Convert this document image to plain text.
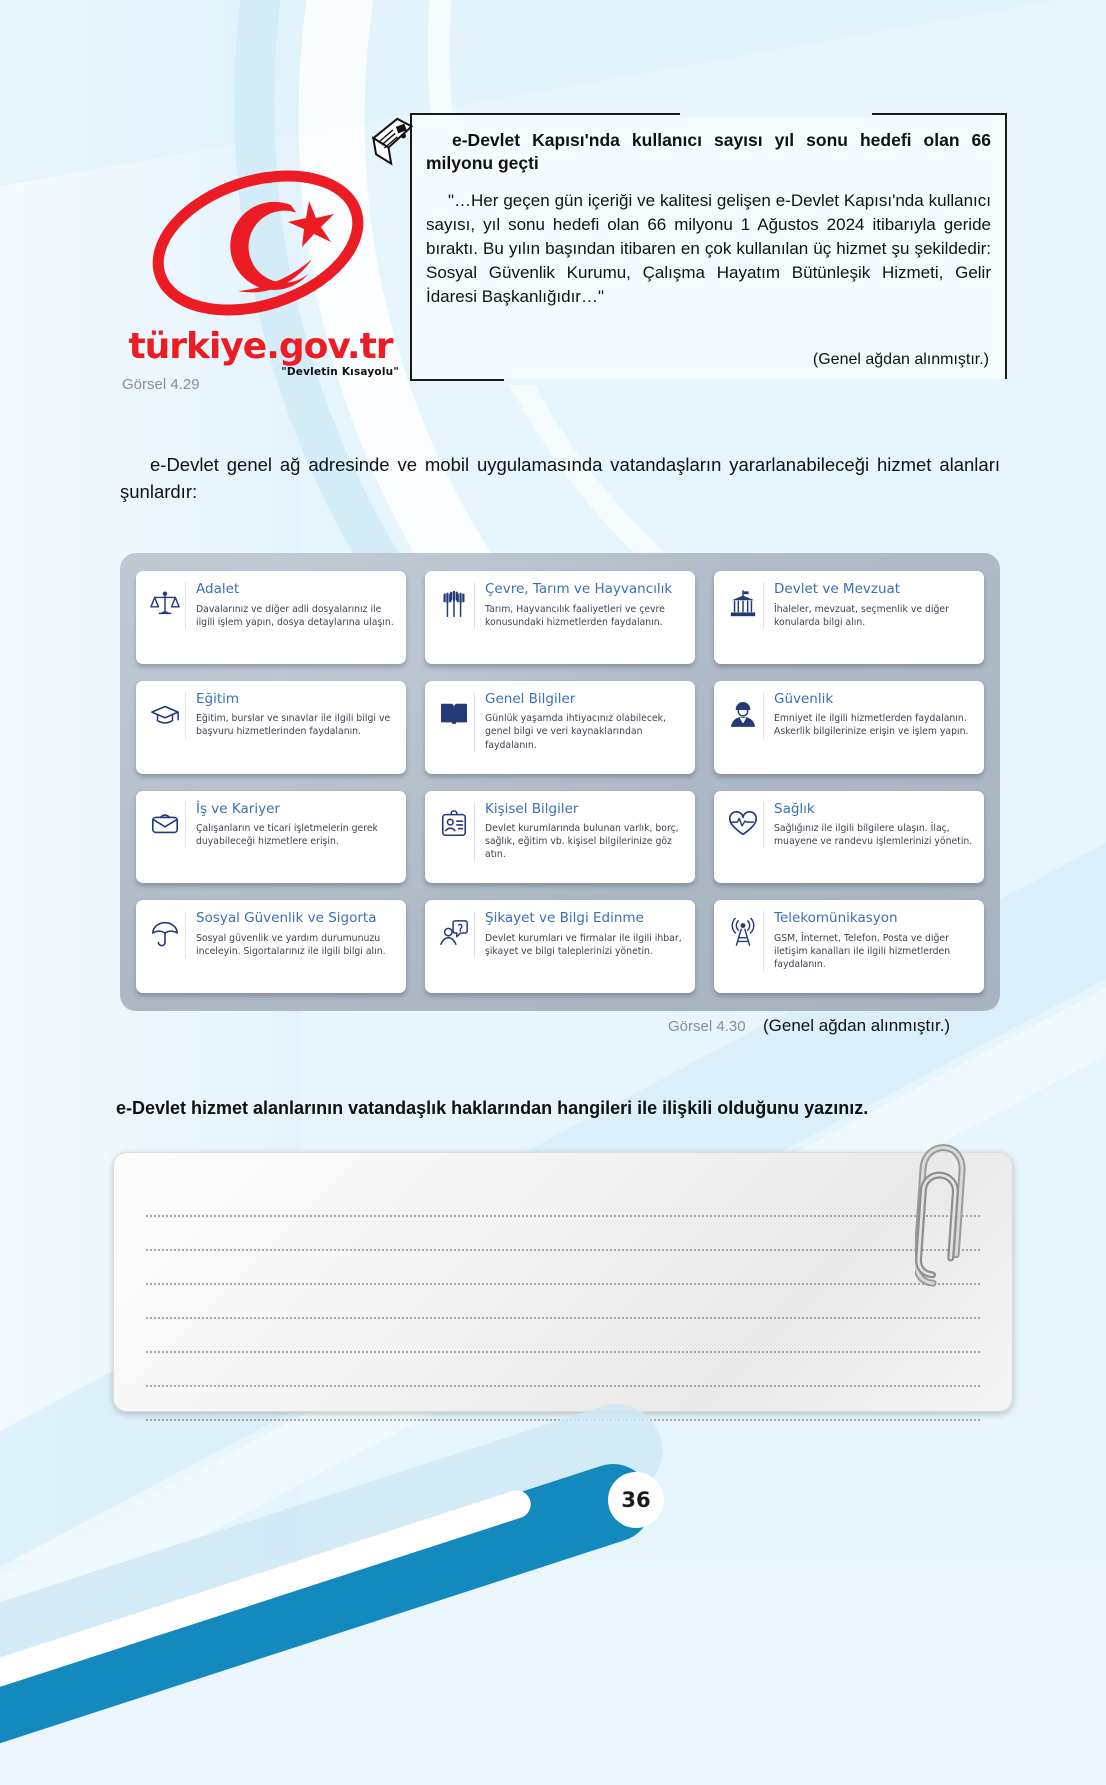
türkiye.gov.tr
"Devletin Kısayolu"
Görsel 4.29
e-Devlet Kapısı'nda kullanıcı sayısı yıl sonu hedefi olan 66 milyonu geçti
"…Her geçen gün içeriği ve kalitesi gelişen e-Devlet Kapısı'nda kullanıcı sayısı, yıl sonu hedefi olan 66 milyonu 1 Ağustos 2024 itibarıyla geride bıraktı. Bu yılın başından itibaren en çok kullanılan üç hizmet şu şekildedir: Sosyal Güvenlik Kurumu, Çalışma Hayatım Bütünleşik Hizmeti, Gelir İdaresi Başkanlığıdır…"
(Genel ağdan alınmıştır.)
e-Devlet genel ağ adresinde ve mobil uygulamasında vatandaşların yararlanabileceği hizmet alanları şunlardır:
Adalet
Davalarınız ve diğer adli dosyalarınız ile ilgili işlem yapın, dosya detaylarına ulaşın.
Çevre, Tarım ve Hayvancılık
Tarım, Hayvancılık faaliyetleri ve çevre konusundaki hizmetlerden faydalanın.
Devlet ve Mevzuat
İhaleler, mevzuat, seçmenlik ve diğer konularda bilgi alın.
Eğitim
Eğitim, burslar ve sınavlar ile ilgili bilgi ve başvuru hizmetlerinden faydalanın.
Genel Bilgiler
Günlük yaşamda ihtiyacınız olabilecek, genel bilgi ve veri kaynaklarından faydalanın.
Güvenlik
Emniyet ile ilgili hizmetlerden faydalanın. Askerlik bilgilerinize erişin ve işlem yapın.
İş ve Kariyer
Çalışanların ve ticari işletmelerin gerek duyabileceği hizmetlere erişin.
Kişisel Bilgiler
Devlet kurumlarında bulunan varlık, borç, sağlık, eğitim vb. kişisel bilgilerinize göz atın.
Sağlık
Sağlığınız ile ilgili bilgilere ulaşın. İlaç, muayene ve randevu işlemlerinizi yönetin.
Sosyal Güvenlik ve Sigorta
Sosyal güvenlik ve yardım durumunuzu inceleyin. Sigortalarınız ile ilgili bilgi alın.
Şikayet ve Bilgi Edinme
Devlet kurumları ve firmalar ile ilgili ihbar, şikayet ve bilgi taleplerinizi yönetin.
Telekomünikasyon
GSM, İnternet, Telefon, Posta ve diğer iletişim kanalları ile ilgili hizmetlerden faydalanın.
Görsel 4.30 (Genel ağdan alınmıştır.)
e-Devlet hizmet alanlarının vatandaşlık haklarından hangileri ile ilişkili olduğunu yazınız.
36
